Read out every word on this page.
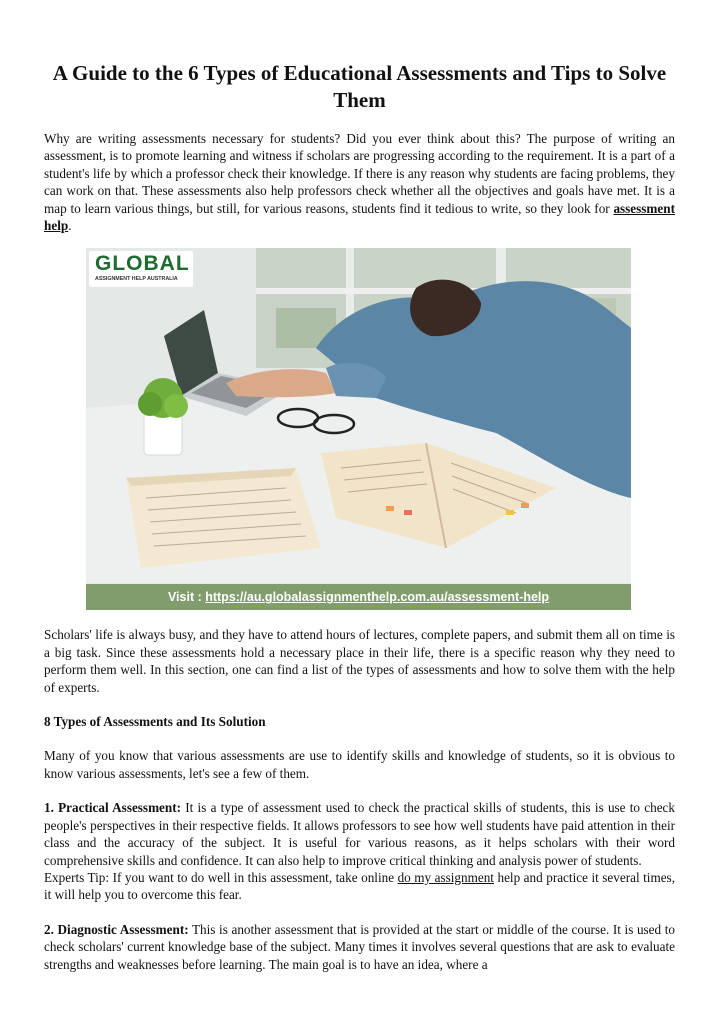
A Guide to the 6 Types of Educational Assessments and Tips to Solve Them

Why are writing assessments necessary for students? Did you ever think about this? The purpose of writing an assessment, is to promote learning and witness if scholars are progressing according to the requirement. It is a part of a student's life by which a professor check their knowledge. If there is any reason why students are facing problems, they can work on that. These assessments also help professors check whether all the objectives and goals have met. It is a map to learn various things, but still, for various reasons, students find it tedious to write, so they look for assessment help.

GLOBAL
ASSIGNMENT HELP AUSTRALIA
Visit : https://au.globalassignmenthelp.com.au/assessment-help

Scholars' life is always busy, and they have to attend hours of lectures, complete papers, and submit them all on time is a big task. Since these assessments hold a necessary place in their life, there is a specific reason why they need to perform them well. In this section, one can find a list of the types of assessments and how to solve them with the help of experts.

8 Types of Assessments and Its Solution

Many of you know that various assessments are use to identify skills and knowledge of students, so it is obvious to know various assessments, let's see a few of them.

1. Practical Assessment: It is a type of assessment used to check the practical skills of students, this is use to check people's perspectives in their respective fields. It allows professors to see how well students have paid attention in their class and the accuracy of the subject. It is useful for various reasons, as it helps scholars with their word comprehensive skills and confidence. It can also help to improve critical thinking and analysis power of students.

Experts Tip: If you want to do well in this assessment, take online do my assignment help and practice it several times, it will help you to overcome this fear.

2. Diagnostic Assessment: This is another assessment that is provided at the start or middle of the course. It is used to check scholars' current knowledge base of the subject. Many times it involves several questions that are ask to evaluate strengths and weaknesses before learning. The main goal is to have an idea, where a
